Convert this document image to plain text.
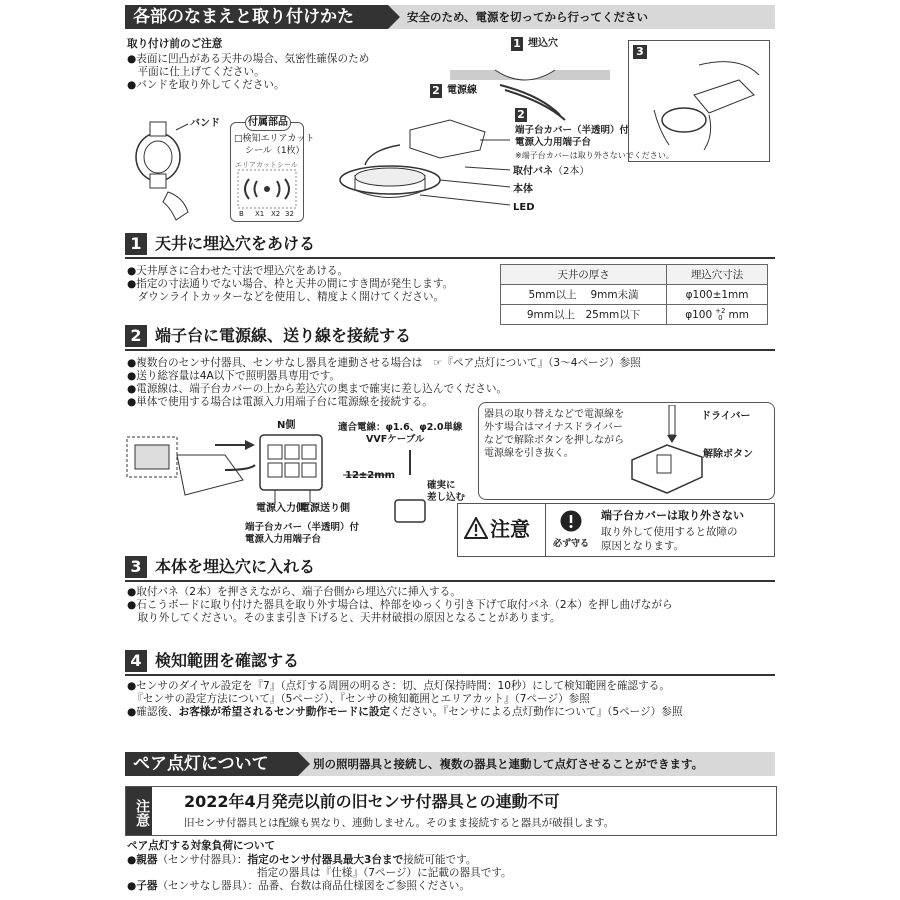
各部のなまえと取り付けかた	安全のため、電源を切ってから行ってください
取り付け前のご注意
●表面に凹凸がある天井の場合、気密性確保のため
　平面に仕上げてください。
●バンドを取り外してください。
バンド	付属部品
□検知エリアカット
シール（1枚）
エリアカットシール
B X1 X2 32
1 埋込穴
2 電源線
2
端子台カバー（半透明）付
電源入力用端子台
※端子台カバーは取り外さないでください。
取付バネ（2本）
本体
LED
3
1 天井に埋込穴をあける
●天井厚さに合わせた寸法で埋込穴をあける。
●指定の寸法通りでない場合、枠と天井の間にすき間が発生します。
　ダウンライトカッターなどを使用し、精度よく開けてください。
天井の厚さ	埋込穴寸法
5mm以上　 9mm未満	φ100±1mm
9mm以上　25mm以下	φ100 +2
0 mm
2 端子台に電源線、送り線を接続する
●複数台のセンサ付器具、センサなし器具を連動させる場合は　☞『ペア点灯について』（3〜4ページ）参照
●送り総容量は4A以下で照明器具専用です。
●電源線は、端子台カバーの上から差込穴の奥まで確実に差し込んでください。
●単体で使用する場合は電源入力用端子台に電源線を接続する。
N側
電源入力側
電源送り側
適合電線：φ1.6、φ2.0単線
VVFケーブル
12±2mm
確実に
差し込む
端子台カバー（半透明）付
電源入力用端子台
器具の取り替えなどで電源線を
外す場合はマイナスドライバー
などで解除ボタンを押しながら
電源線を引き抜く。
ドライバー
解除ボタン
注意
必ず守る
端子台カバーは取り外さない
取り外して使用すると故障の
原因となります。
3 本体を埋込穴に入れる
●取付バネ（2本）を押さえながら、端子台側から埋込穴に挿入する。
●石こうボードに取り付けた器具を取り外す場合は、枠部をゆっくり引き下げて取付バネ（2本）を押し曲げながら
　取り外してください。そのまま引き下げると、天井材破損の原因となることがあります。
4 検知範囲を確認する
●センサのダイヤル設定を『7』（点灯する周囲の明るさ：切、点灯保持時間：10秒）にして検知範囲を確認する。
　『センサの設定方法について』（5ページ）、『センサの検知範囲とエリアカット』（7ページ）参照
●確認後、お客様が希望されるセンサ動作モードに設定ください。『センサによる点灯動作について』（5ページ）参照
ペア点灯について	別の照明器具と接続し、複数の器具と連動して点灯させることができます。
注意 2022年4月発売以前の旧センサ付器具との連動不可
旧センサ付器具とは配線も異なり、連動しません。そのまま接続すると器具が破損します。
ペア点灯する対象負荷について
●親器（センサ付器具）：指定のセンサ付器具最大3台まで接続可能です。
指定の器具は『仕様』（7ページ）に記載の器具です。
●子器（センサなし器具）：品番、台数は商品仕様図をご参照ください。
